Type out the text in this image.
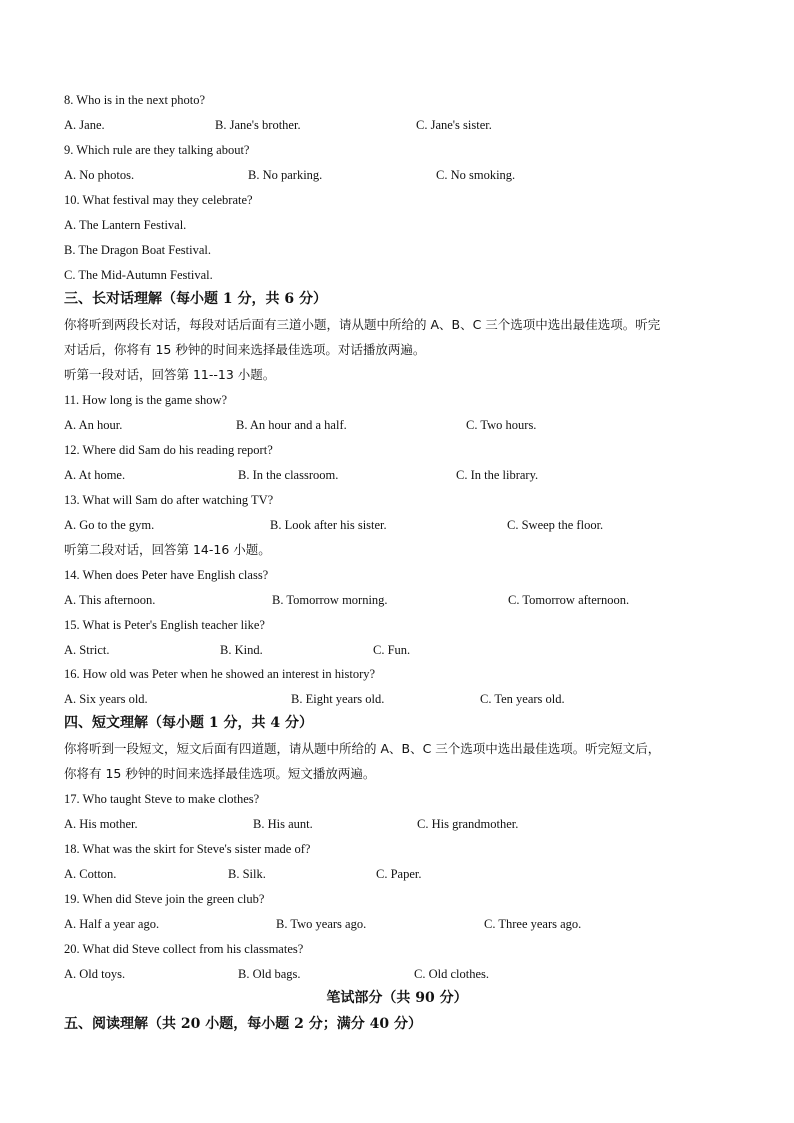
8. Who is in the next photo?
A. Jane.	B. Jane's brother.	C. Jane's sister.
9. Which rule are they talking about?
A. No photos.	B. No parking.	C. No smoking.
10. What festival may they celebrate?
A. The Lantern Festival.
B. The Dragon Boat Festival.
C. The Mid-Autumn Festival.
三、长对话理解（每小题 1 分，共 6 分）
你将听到两段长对话，每段对话后面有三道小题，请从题中所给的 A、B、C 三个选项中选出最佳选项。听完
对话后，你将有 15 秒钟的时间来选择最佳选项。对话播放两遍。
听第一段对话，回答第 11--13 小题。
11. How long is the game show?
A. An hour.	B. An hour and a half.	C. Two hours.
12. Where did Sam do his reading report?
A. At home.	B. In the classroom.	C. In the library.
13. What will Sam do after watching TV?
A. Go to the gym.	B. Look after his sister.	C. Sweep the floor.
听第二段对话，回答第 14-16 小题。
14. When does Peter have English class?
A. This afternoon.	B. Tomorrow morning.	C. Tomorrow afternoon.
15. What is Peter's English teacher like?
A. Strict.	B. Kind.	C. Fun.
16. How old was Peter when he showed an interest in history?
A. Six years old.	B. Eight years old.	C. Ten years old.
四、短文理解（每小题 1 分，共 4 分）
你将听到一段短文，短文后面有四道题，请从题中所给的 A、B、C 三个选项中选出最佳选项。听完短文后，
你将有 15 秒钟的时间来选择最佳选项。短文播放两遍。
17. Who taught Steve to make clothes?
A. His mother.	B. His aunt.	C. His grandmother.
18. What was the skirt for Steve's sister made of?
A. Cotton.	B. Silk.	C. Paper.
19. When did Steve join the green club?
A. Half a year ago.	B. Two years ago.	C. Three years ago.
20. What did Steve collect from his classmates?
A. Old toys.	B. Old bags.	C. Old clothes.
笔试部分（共 90 分）
五、阅读理解（共 20 小题，每小题 2 分；满分 40 分）
